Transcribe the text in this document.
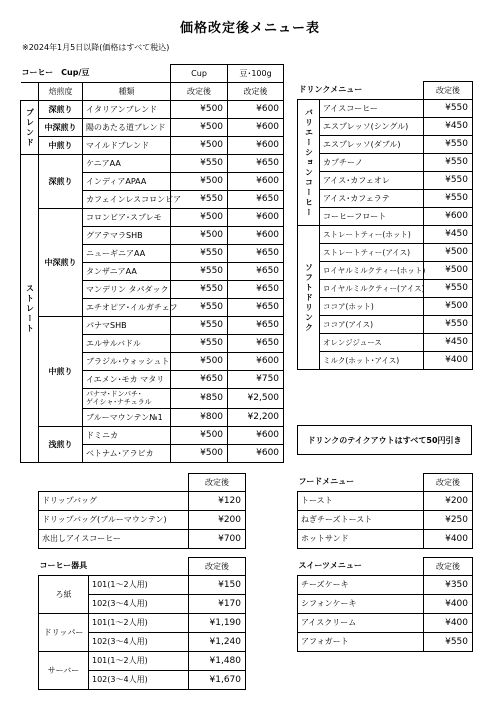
価格改定後メニュー表
※2024年1月5日以降(価格はすべて税込)
コーヒー　Cup/豆			Cup	豆･100g
	焙煎度	種類	改定後	改定後

ブレンド	深煎り	イタリアンブレンド	¥500	¥600
	中深煎り	陽のあたる道ブレンド	¥500	¥600
	中煎り	マイルドブレンド	¥500	¥600

ストレート	深煎り	ケニアAA	¥550	¥650
		インディアAPAA	¥500	¥600
		カフェインレスコロンビア	¥550	¥650
	中深煎り	コロンビア･スプレモ	¥500	¥600
		グアテマラSHB	¥500	¥600
		ニューギニアAA	¥550	¥650
		タンザニアAA	¥550	¥650
		マンデリン タパダック	¥550	¥650
		エチオピア･イルガチェフ	¥550	¥650
	中煎り	パナマSHB	¥550	¥650
		エルサルバドル	¥550	¥650
		ブラジル･ウォッシュト	¥500	¥600
		イエメン･モカ マタリ	¥650	¥750
		パナマ･ドンパチ･
ゲイシャ･ナチュラル	¥850	¥2,500
		ブルーマウンテン№1	¥800	¥2,200
	浅煎り	ドミニカ	¥500	¥600
		ベトナム･アラビカ	¥500	¥600
ドリンクメニュー		改定後

バリエーションコーヒー	アイスコーヒー	¥550
	エスプレッソ(シングル)	¥450
	エスプレッソ(ダブル)	¥550
	カプチーノ	¥550
	アイス･カフェオレ	¥550
	アイス･カフェラテ	¥550
	コーヒーフロート	¥600

ソフトドリンク	ストレートティー(ホット)	¥450
	ストレートティー(アイス)	¥500
	ロイヤルミルクティー(ホット)	¥500
	ロイヤルミルクティー(アイス)	¥550
	ココア(ホット)	¥500
	ココア(アイス)	¥550
	オレンジジュース	¥450
	ミルク(ホット･アイス)	¥400
ドリンクのテイクアウトはすべて50円引き
	改定後
ドリップバッグ	¥120
ドリップバッグ(ブルーマウンテン)	¥200
水出しアイスコーヒー	¥700
フードメニュー	改定後
トースト	¥200
ねぎチーズトースト	¥250
ホットサンド	¥400
コーヒー器具		改定後
ろ紙	101(1～2人用)	¥150
	102(3～4人用)	¥170
ドリッパー	101(1～2人用)	¥1,190
	102(3～4人用)	¥1,240
サーバー	101(1～2人用)	¥1,480
	102(3～4人用)	¥1,670
スイーツメニュー	改定後
チーズケーキ	¥350
シフォンケーキ	¥400
アイスクリーム	¥400
アフォガート	¥550
